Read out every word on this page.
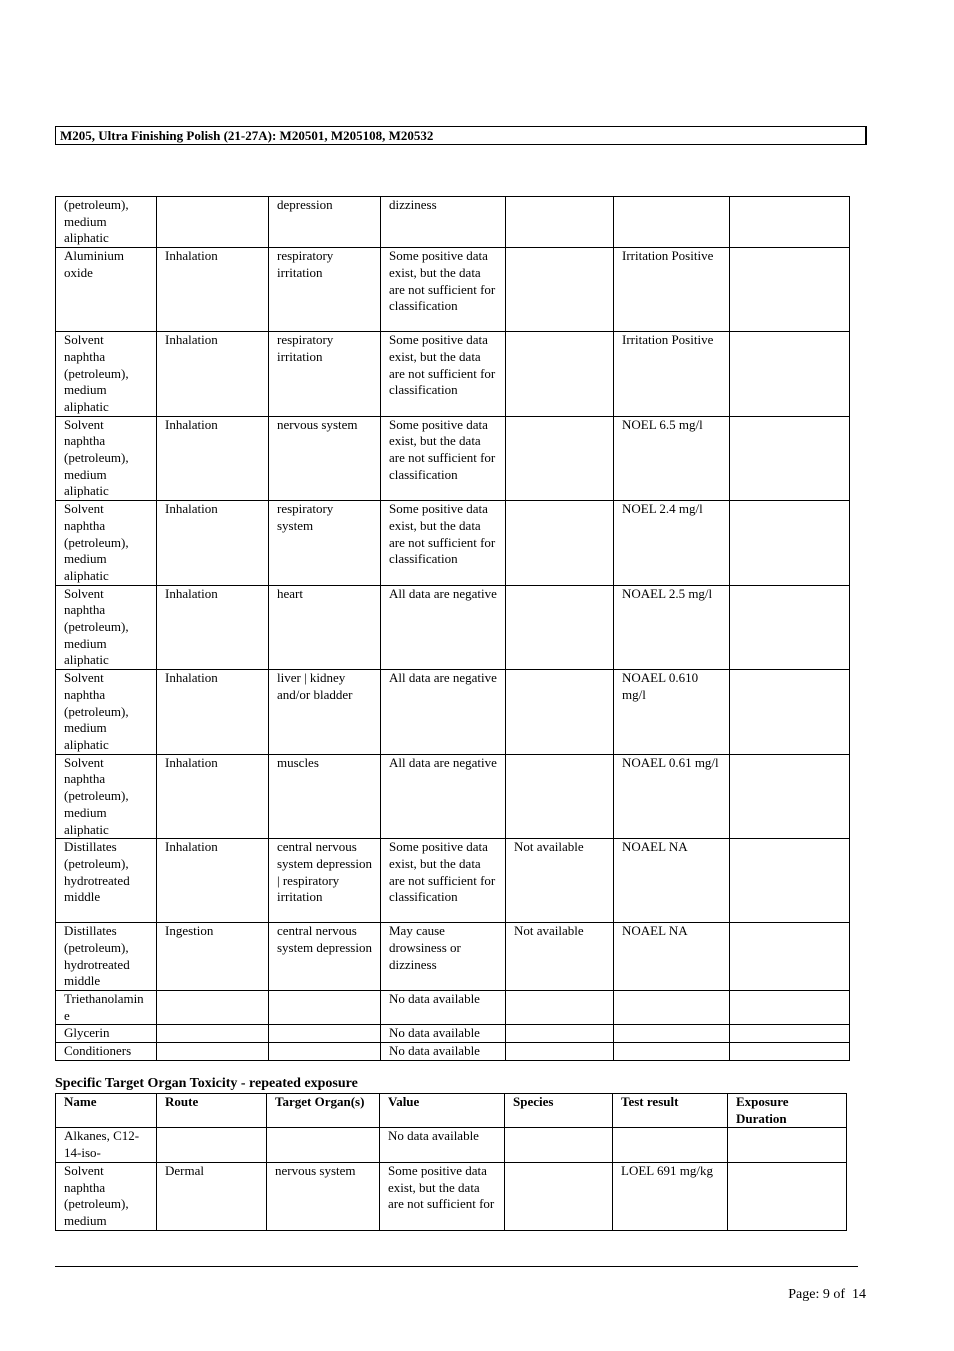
M205, Ultra Finishing Polish (21-27A): M20501, M205108, M20532
(petroleum), medium aliphatic		depression	dizziness			
Aluminium oxide	Inhalation	respiratory irritation	Some positive data exist, but the data are not sufficient for classification		Irritation Positive	
Solvent naphtha (petroleum), medium aliphatic	Inhalation	respiratory irritation	Some positive data exist, but the data are not sufficient for classification		Irritation Positive	
Solvent naphtha (petroleum), medium aliphatic	Inhalation	nervous system	Some positive data exist, but the data are not sufficient for classification		NOEL 6.5 mg/l	
Solvent naphtha (petroleum), medium aliphatic	Inhalation	respiratory system	Some positive data exist, but the data are not sufficient for classification		NOEL 2.4 mg/l	
Solvent naphtha (petroleum), medium aliphatic	Inhalation	heart	All data are negative		NOAEL 2.5 mg/l	
Solvent naphtha (petroleum), medium aliphatic	Inhalation	liver | kidney and/or bladder	All data are negative		NOAEL 0.610 mg/l	
Solvent naphtha (petroleum), medium aliphatic	Inhalation	muscles	All data are negative		NOAEL 0.61 mg/l	
Distillates (petroleum), hydrotreated middle	Inhalation	central nervous system depression | respiratory irritation	Some positive data exist, but the data are not sufficient for classification	Not available	NOAEL NA	
Distillates (petroleum), hydrotreated middle	Ingestion	central nervous system depression	May cause drowsiness or dizziness	Not available	NOAEL NA	
Triethanolamine			No data available			
Glycerin			No data available			
Conditioners			No data available			
Specific Target Organ Toxicity - repeated exposure
Name	Route	Target Organ(s)	Value	Species	Test result	Exposure Duration
Alkanes, C12-14-iso-			No data available			
Solvent naphtha (petroleum), medium	Dermal	nervous system	Some positive data exist, but the data are not sufficient for		LOEL 691 mg/kg	
Page: 9 of  14
